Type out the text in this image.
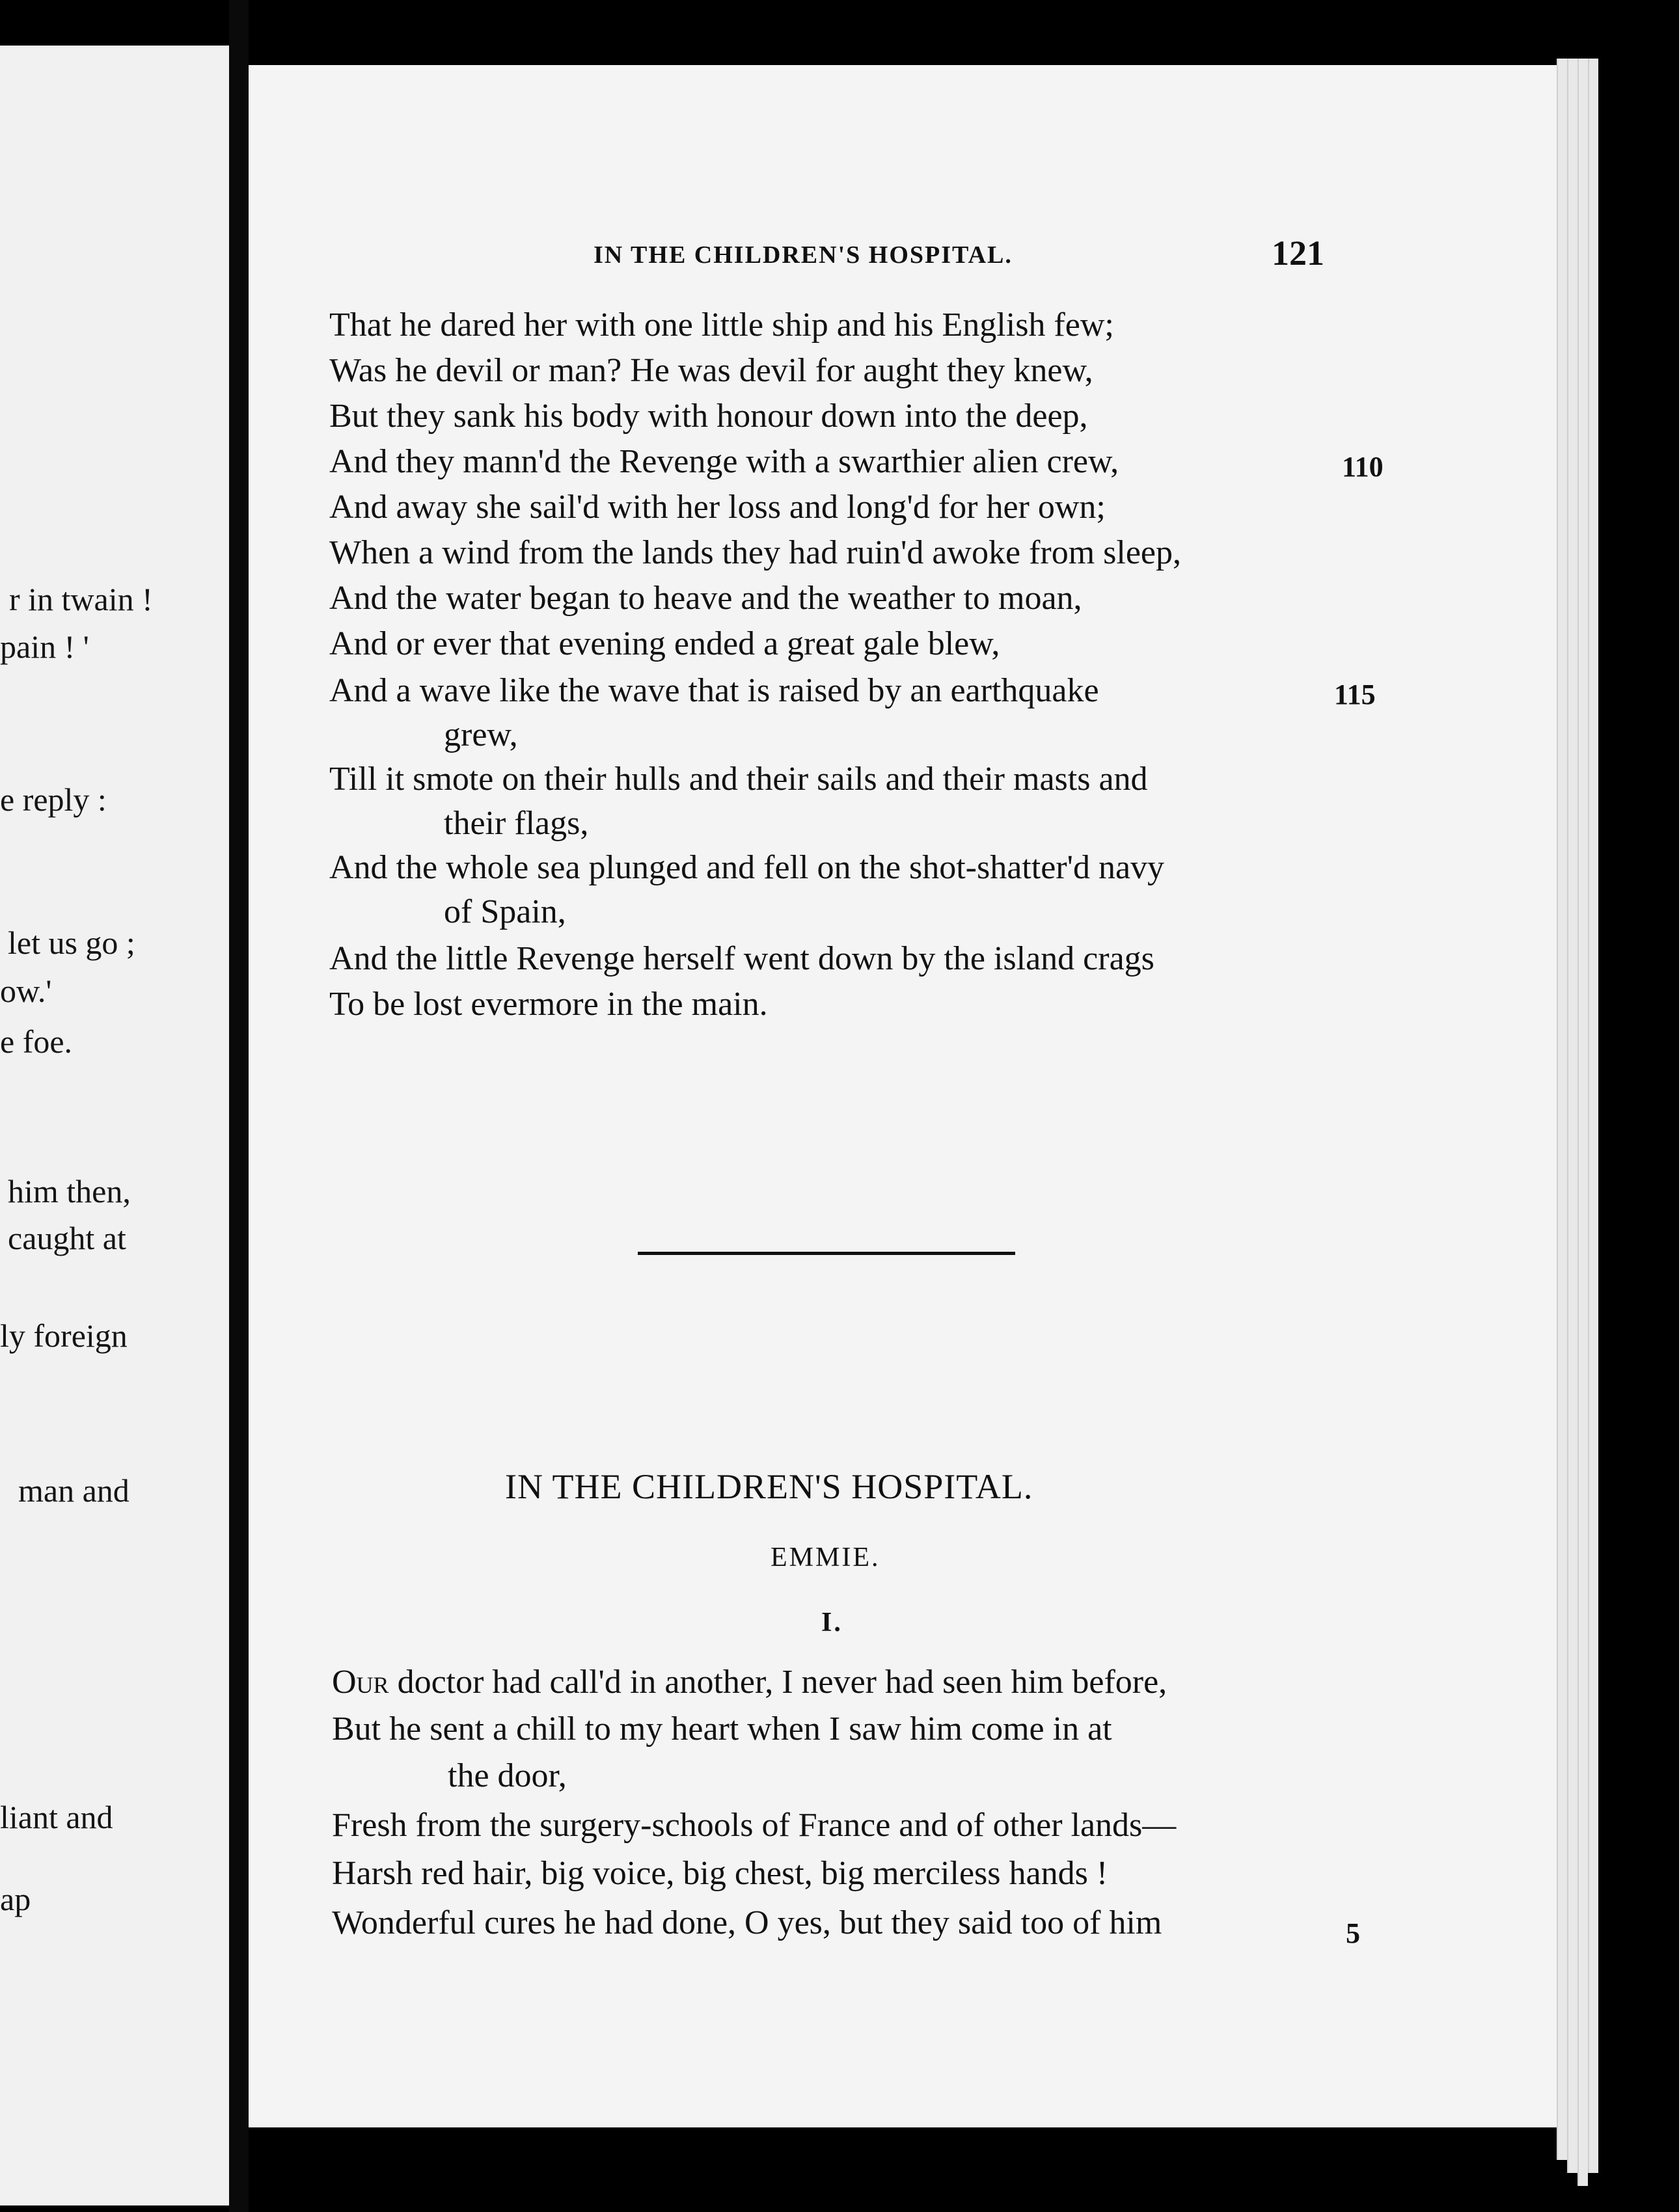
r in twain !
pain ! '
e reply :
let us go ;
ow.'
e foe.
him then,
caught at
ly foreign
man and
liant and
ap
IN THE CHILDREN'S HOSPITAL.	121
That he dared her with one little ship and his English few;
Was he devil or man? He was devil for aught they knew,
But they sank his body with honour down into the deep,
And they mann'd the Revenge with a swarthier alien crew,	110
And away she sail'd with her loss and long'd for her own;
When a wind from the lands they had ruin'd awoke from sleep,
And the water began to heave and the weather to moan,
And or ever that evening ended a great gale blew,
And a wave like the wave that is raised by an earthquake	115
grew,
Till it smote on their hulls and their sails and their masts and
their flags,
And the whole sea plunged and fell on the shot-shatter'd navy
of Spain,
And the little Revenge herself went down by the island crags
To be lost evermore in the main.
IN THE CHILDREN'S HOSPITAL.
EMMIE.
I.
Our doctor had call'd in another, I never had seen him before,
But he sent a chill to my heart when I saw him come in at
the door,
Fresh from the surgery-schools of France and of other lands—
Harsh red hair, big voice, big chest, big merciless hands !
Wonderful cures he had done, O yes, but they said too of him	5
